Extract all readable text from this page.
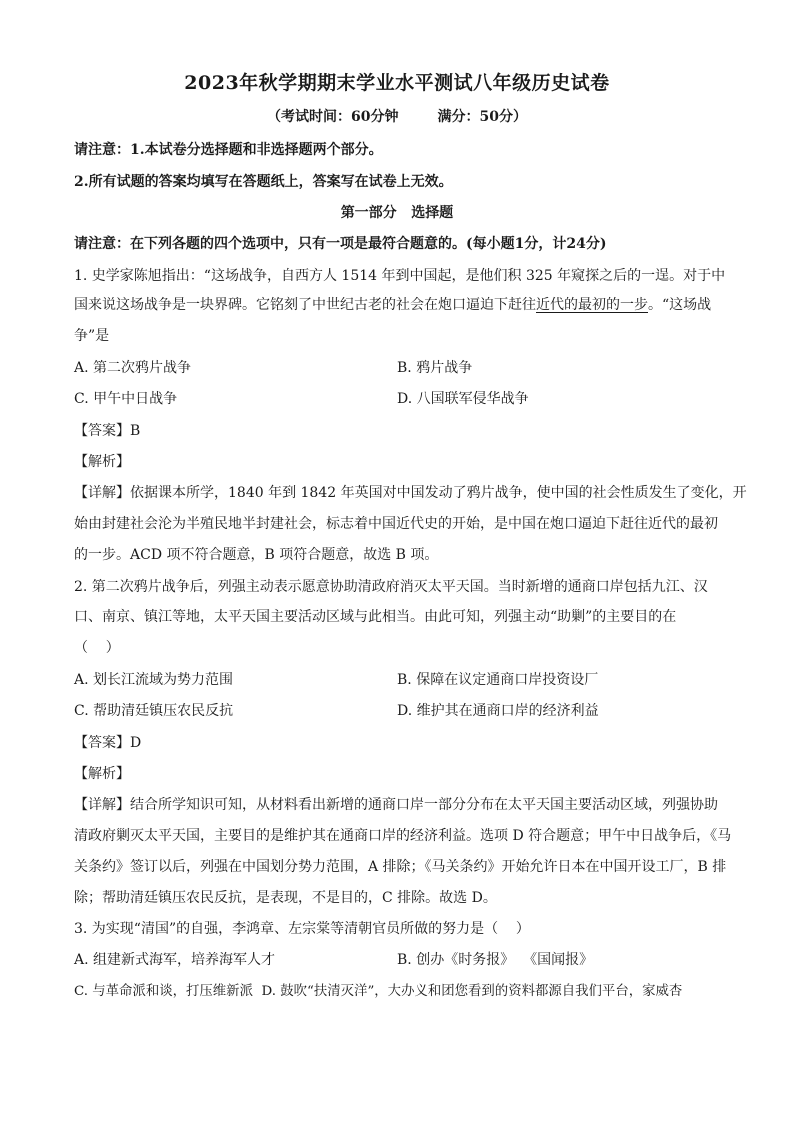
2023年秋学期期末学业水平测试八年级历史试卷
（考试时间：60分钟        满分：50分）
请注意：1.本试卷分选择题和非选择题两个部分。
2.所有试题的答案均填写在答题纸上，答案写在试卷上无效。
第一部分   选择题
请注意：在下列各题的四个选项中，只有一项是最符合题意的。(每小题1分，计24分)
1. 史学家陈旭指出：“这场战争，自西方人 1514 年到中国起，是他们积 325 年窥探之后的一逞。对于中
国来说这场战争是一块界碑。它铭刻了中世纪古老的社会在炮口逼迫下赶往近代的最初的一步。“这场战
争”是
A. 第二次鸦片战争	B. 鸦片战争
C. 甲午中日战争	D. 八国联军侵华战争
【答案】B
【解析】
【详解】依据课本所学，1840 年到 1842 年英国对中国发动了鸦片战争，使中国的社会性质发生了变化，开
始由封建社会沦为半殖民地半封建社会，标志着中国近代史的开始，是中国在炮口逼迫下赶往近代的最初
的一步。ACD 项不符合题意，B 项符合题意，故选 B 项。
2. 第二次鸦片战争后，列强主动表示愿意协助清政府消灭太平天国。当时新增的通商口岸包括九江、汉
口、南京、镇江等地，太平天国主要活动区域与此相当。由此可知，列强主动“助剿”的主要目的在
（    ）
A. 划长江流域为势力范围	B. 保障在议定通商口岸投资设厂
C. 帮助清廷镇压农民反抗	D. 维护其在通商口岸的经济利益
【答案】D
【解析】
【详解】结合所学知识可知，从材料看出新增的通商口岸一部分分布在太平天国主要活动区域，列强协助
清政府剿灭太平天国，主要目的是维护其在通商口岸的经济利益。选项 D 符合题意；甲午中日战争后，《马
关条约》签订以后，列强在中国划分势力范围，A 排除；《马关条约》开始允许日本在中国开设工厂，B 排
除；帮助清廷镇压农民反抗，是表现，不是目的，C 排除。故选 D。
3. 为实现“清国”的自强，李鸿章、左宗棠等清朝官员所做的努力是（    ）
A. 组建新式海军，培养海军人才	B. 创办《时务报》  《国闻报》
C. 与革命派和谈，打压维新派  D. 鼓吹“扶清灭洋”，大办义和团您看到的资料都源自我们平台，家威杏
